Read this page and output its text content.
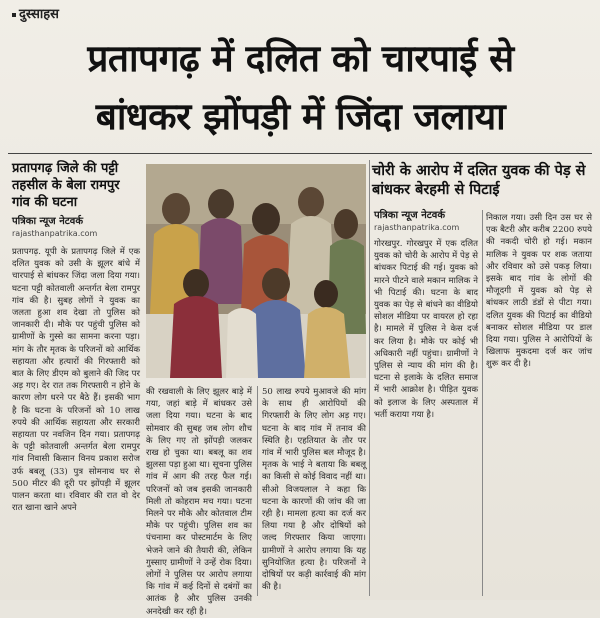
दुस्साहस
प्रतापगढ़ में दलित को चारपाई से
बांधकर झोंपड़ी में जिंदा जलाया
प्रतापगढ़ जिले की पट्टी तहसील के बेला रामपुर गांव की घटना
पत्रिका न्यूज नेटवर्क
rajasthanpatrika.com
प्रतापगढ़. यूपी के प्रतापगढ़ जिले में एक दलित युवक को उसी के झूलर बांधे में चारपाई से बांधकर जिंदा जला दिया गया। घटना पट्टी कोतवाली अन्तर्गत बेला रामपुर गांव की है। सुबह लोगों ने युवक का जलता हुआ शव देखा तो पुलिस को जानकारी दी। मौके पर पहुंची पुलिस को ग्रामीणों के गुस्से का सामना करना पड़ा। मांग के तौर मृतक के परिजनों को आर्थिक सहायता और हत्यारों की गिरफ्तारी को बात के लिए डीएम को बुलाने की जिद पर अड़ गए। देर रात तक गिरफ्तारी न होने के कारण लोग धरने पर बैठे हैं। इसकी भाग है कि घटना के परिजनों को 10 लाख रुपये की आर्थिक सहायता और सरकारी सहायता पर नवजिन दिन गया। प्रतापगढ़ के पट्टी कोतवाली अन्तर्गत बेला रामपुर गांव निवासी किसान विनय प्रकाश सरोज उर्फ बबलू (33) पुत्र सोमनाथ घर से 500 मीटर की दूरी पर झोंपड़ी में झूलर पालन करता था। रविवार की रात वो देर रात खाना खाने अपने
की रखवाली के लिए झूलर बाड़े में गया, जहां बाड़े में बांधकर उसे जला दिया गया। घटना के बाद सोमवार की सुबह जब लोग शौच के लिए गए तो झोंपड़ी जलकर राख हो चुका था। बबलू का शव झुलसा पड़ा हुआ था। सूचना पुलिस गांव में आग की तरह फैल गई। परिजनों को जब इसकी जानकारी मिली तो कोहराम मच गया। घटना मिलने पर मौके और कोतवाल टीम मौके पर पहुंची। पुलिस शव का पंचनामा कर पोस्टमार्टम के लिए भेजने जाने की तैयारी की, लेकिन गुस्साए ग्रामीणों ने उन्हें रोक दिया। लोगों ने पुलिस पर आरोप लगाया कि गांव में कई दिनों से दबंगों का आतंक है और पुलिस उनकी अनदेखी कर रही है।
50 लाख रुपये मुआवजे की मांग के साथ ही आरोपियों की गिरफ्तारी के लिए लोग अड़ गए। घटना के बाद गांव में तनाव की स्थिति है। एहतियात के तौर पर गांव में भारी पुलिस बल मौजूद है। मृतक के भाई ने बताया कि बबलू का किसी से कोई विवाद नहीं था। सीओ विजयलाल ने कहा कि घटना के कारणों की जांच की जा रही है। मामला हत्या का दर्ज कर लिया गया है और दोषियों को जल्द गिरफ्तार किया जाएगा। ग्रामीणों ने आरोप लगाया कि यह सुनियोजित हत्या है। परिजनों ने दोषियों पर कड़ी कार्रवाई की मांग की है।
चोरी के आरोप में दलित युवक की पेड़ से बांधकर बेरहमी से पिटाई
पत्रिका न्यूज नेटवर्क
rajasthanpatrika.com
गोरखपुर. गोरखपुर में एक दलित युवक को चोरी के आरोप में पेड़ से बांधकर पिटाई की गई। युवक को मारने पीटने वाले मकान मालिक ने भी पिटाई की। घटना के बाद युवक का पेड़ से बांधने का वीडियो सोशल मीडिया पर वायरल हो रहा है। मामले में पुलिस ने केस दर्ज कर लिया है। मौके पर कोई भी अधिकारी नहीं पहुंचा। ग्रामीणों ने पुलिस से न्याय की मांग की है। घटना से इलाके के दलित समाज में भारी आक्रोश है। पीड़ित युवक को इलाज के लिए अस्पताल में भर्ती कराया गया है।
निकाल गया। उसी दिन उस घर से एक बैटरी और करीब 2200 रुपये की नकदी चोरी हो गई। मकान मालिक ने युवक पर शक जताया और रविवार को उसे पकड़ लिया। इसके बाद गांव के लोगों की मौजूदगी में युवक को पेड़ से बांधकर लाठी डंडों से पीटा गया। दलित युवक की पिटाई का वीडियो बनाकर सोशल मीडिया पर डाल दिया गया। पुलिस ने आरोपियों के खिलाफ मुकदमा दर्ज कर जांच शुरू कर दी है।
